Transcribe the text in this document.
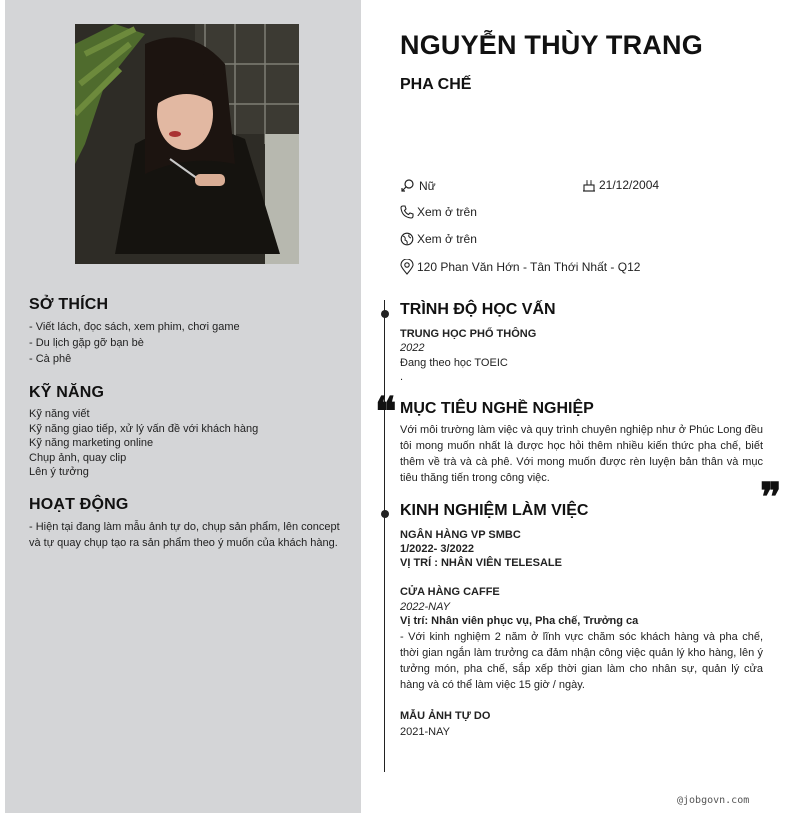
SỞ THÍCH
- Viết lách, đọc sách, xem phim, chơi game
- Du lịch gặp gỡ bạn bè
- Cà phê
KỸ NĂNG
Kỹ năng viết
Kỹ năng giao tiếp, xử lý vấn đề với khách hàng
Kỹ năng marketing online
Chụp ảnh, quay clip
Lên ý tưởng
HOẠT ĐỘNG
- Hiện tại đang làm mẫu ảnh tự do, chụp sản phẩm, lên concept và tự quay chụp tạo ra sản phẩm theo ý muốn của khách hàng.
NGUYỄN THÙY TRANG
PHA CHẾ
Nữ	21/12/2004
Xem ở trên
Xem ở trên
120 Phan Văn Hớn - Tân Thới Nhất - Q12
TRÌNH ĐỘ HỌC VẤN
TRUNG HỌC PHỔ THÔNG
2022
Đang theo học TOEIC
.
❝ MỤC TIÊU NGHỀ NGHIỆP
Với môi trường làm việc và quy trình chuyên nghiệp như ở Phúc Long đều tôi mong muốn nhất là được học hỏi thêm nhiều kiến thức pha chế, biết thêm về trà và cà phê. Với mong muốn được rèn luyện bản thân và mục tiêu thăng tiến trong công việc.	❞
KINH NGHIỆM LÀM VIỆC
NGÂN HÀNG VP SMBC
1/2022- 3/2022
VỊ TRÍ : NHÂN VIÊN TELESALE
CỬA HÀNG CAFFE
2022-NAY
Vị trí: Nhân viên phục vụ, Pha chế, Trưởng ca
- Với kinh nghiệm 2 năm ở lĩnh vực chăm sóc khách hàng và pha chế, thời gian ngắn làm trưởng ca đảm nhận công việc quản lý kho hàng, lên ý tưởng món, pha chế, sắp xếp thời gian làm cho nhân sự, quản lý cửa hàng và có thể làm việc 15 giờ / ngày.
MẪU ẢNH TỰ DO
2021-NAY
@jobgovn.com
